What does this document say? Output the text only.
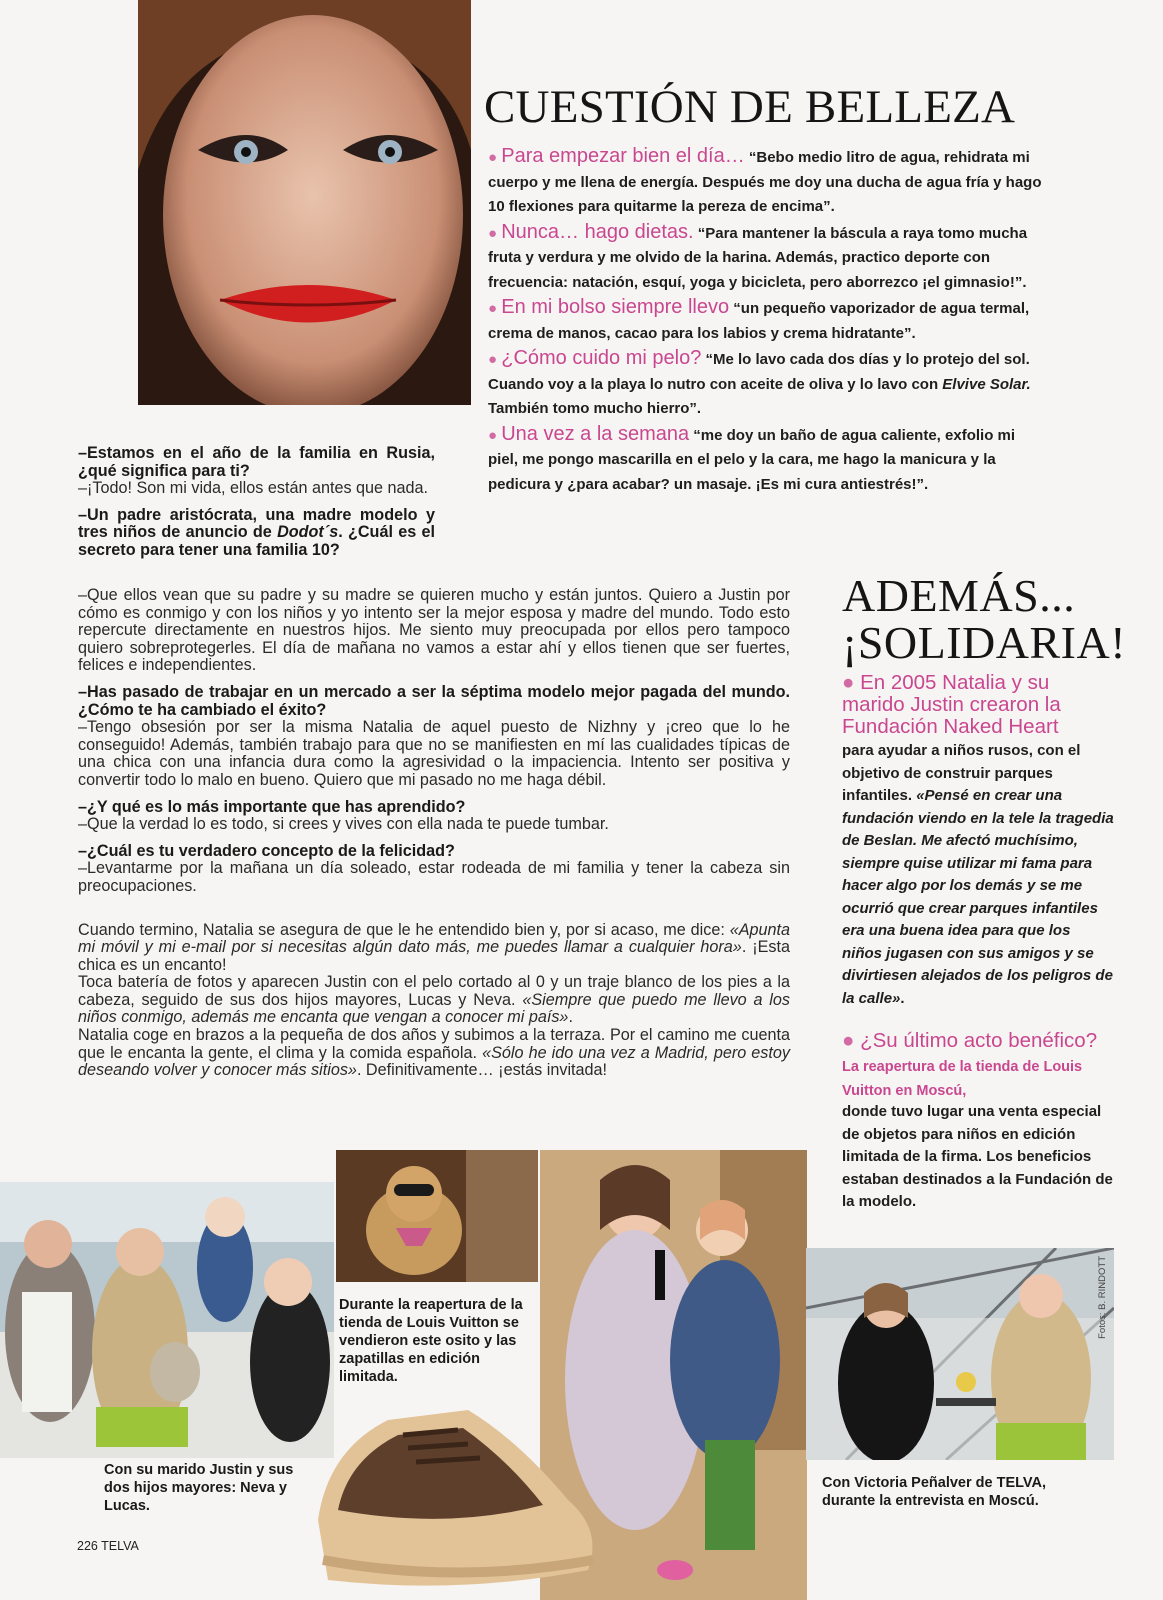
CUESTIÓN DE BELLEZA

● Para empezar bien el día… “Bebo medio litro de agua, rehidrata mi cuerpo y me llena de energía. Después me doy una ducha de agua fría y hago 10 flexiones para quitarme la pereza de encima”.

● Nunca… hago dietas. “Para mantener la báscula a raya tomo mucha fruta y verdura y me olvido de la harina. Además, practico deporte con frecuencia: natación, esquí, yoga y bicicleta, pero aborrezco ¡el gimnasio!”.

● En mi bolso siempre llevo “un pequeño vaporizador de agua termal, crema de manos, cacao para los labios y crema hidratante”.

● ¿Cómo cuido mi pelo? “Me lo lavo cada dos días y lo protejo del sol. Cuando voy a la playa lo nutro con aceite de oliva y lo lavo con Elvive Solar. También tomo mucho hierro”.

● Una vez a la semana “me doy un baño de agua caliente, exfolio mi piel, me pongo mascarilla en el pelo y la cara, me hago la manicura y la pedicura y ¿para acabar? un masaje. ¡Es mi cura antiestrés!”.

–Estamos en el año de la familia en Rusia, ¿qué significa para ti?

–¡Todo! Son mi vida, ellos están antes que nada.

–Un padre aristócrata, una madre modelo y tres niños de anuncio de Dodot´s. ¿Cuál es el secreto para tener una familia 10?

–Que ellos vean que su padre y su madre se quieren mucho y están juntos. Quiero a Justin por cómo es conmigo y con los niños y yo intento ser la mejor esposa y madre del mundo. Todo esto repercute directamente en nuestros hijos. Me siento muy preocupada por ellos pero tampoco quiero sobreprotegerles. El día de mañana no vamos a estar ahí y ellos tienen que ser fuertes, felices e independientes.

–Has pasado de trabajar en un mercado a ser la séptima modelo mejor pagada del mundo. ¿Cómo te ha cambiado el éxito?

–Tengo obsesión por ser la misma Natalia de aquel puesto de Nizhny y ¡creo que lo he conseguido! Además, también trabajo para que no se manifiesten en mí las cualidades típicas de una chica con una infancia dura como la agresividad o la impaciencia. Intento ser positiva y convertir todo lo malo en bueno. Quiero que mi pasado no me haga débil.

–¿Y qué es lo más importante que has aprendido?

–Que la verdad lo es todo, si crees y vives con ella nada te puede tumbar.

–¿Cuál es tu verdadero concepto de la felicidad?

–Levantarme por la mañana un día soleado, estar rodeada de mi familia y tener la cabeza sin preocupaciones.

Cuando termino, Natalia se asegura de que le he entendido bien y, por si acaso, me dice: «Apunta mi móvil y mi e-mail por si necesitas algún dato más, me puedes llamar a cualquier hora». ¡Esta chica es un encanto!

Toca batería de fotos y aparecen Justin con el pelo cortado al 0 y un traje blanco de los pies a la cabeza, seguido de sus dos hijos mayores, Lucas y Neva. «Siempre que puedo me llevo a los niños conmigo, además me encanta que vengan a conocer mi país».

Natalia coge en brazos a la pequeña de dos años y subimos a la terraza. Por el camino me cuenta que le encanta la gente, el clima y la comida española. «Sólo he ido una vez a Madrid, pero estoy deseando volver y conocer más sitios». Definitivamente… ¡estás invitada!

ADEMÁS...
¡SOLIDARIA!

● En 2005 Natalia y su marido Justin crearon la Fundación Naked Heart

para ayudar a niños rusos, con el objetivo de construir parques infantiles. «Pensé en crear una fundación viendo en la tele la tragedia de Beslan. Me afectó muchísimo, siempre quise utilizar mi fama para hacer algo por los demás y se me ocurrió que crear parques infantiles era una buena idea para que los niños jugasen con sus amigos y se divirtiesen alejados de los peligros de la calle».

● ¿Su último acto benéfico? La reapertura de la tienda de Louis Vuitton en Moscú,

donde tuvo lugar una venta especial de objetos para niños en edición limitada de la firma. Los beneficios estaban destinados a la Fundación de la modelo.

Fotos: B. RINDOTT
Con su marido Justin y sus dos hijos mayores: Neva y Lucas.
Durante la reapertura de la tienda de Louis Vuitton se vendieron este osito y las zapatillas en edición limitada.
Con Victoria Peñalver de TELVA, durante la entrevista en Moscú.
226 TELVA
